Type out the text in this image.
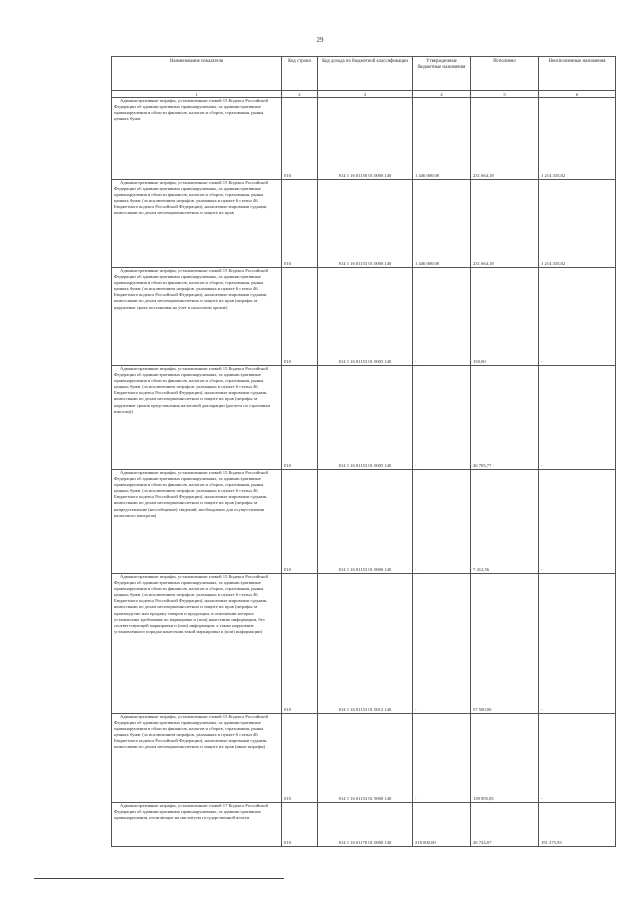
29
Наименование показателя	Код строки	Код дохода по бюджетной классификации	Утвержденные бюджетные назначения	Исполнено	Неисполненные назначения
1	2	3	4	5	6

Административные штрафы, установленные главой 15 Кодекса Российской Федерации об административных правонарушениях, за административные правонарушения в области финансов, налогов и сборов, страхования, рынка ценных бумаг	010	814 1 16 01150 01 0000 140	1 446 000,00	231 664,18	1 214 335,82

Административные штрафы, установленные главой 15 Кодекса Российской Федерации об административных правонарушениях, за административные правонарушения в области финансов, налогов и сборов, страхования, рынка ценных бумаг (за исключением штрафов, указанных в пункте 6 статьи 46 Бюджетного кодекса Российской Федерации), налагаемые мировыми судьями, комиссиями по делам несовершеннолетних и защите их прав	010	814 1 16 01153 01 0000 140	1 446 000,00	231 664,18	1 214 335,82

Административные штрафы, установленные главой 15 Кодекса Российской Федерации об административных правонарушениях, за административные правонарушения в области финансов, налогов и сборов, страхования, рынка ценных бумаг (за исключением штрафов, указанных в пункте 6 статьи 46 Бюджетного кодекса Российской Федерации), налагаемые мировыми судьями, комиссиями по делам несовершеннолетних и защите их прав (штрафы за нарушение срока постановки на учет в налоговом органе)	010	814 1 16 01153 01 0003 140	-	150,00	-

Административные штрафы, установленные главой 15 Кодекса Российской Федерации об административных правонарушениях, за административные правонарушения в области финансов, налогов и сборов, страхования, рынка ценных бумаг (за исключением штрафов, указанных в пункте 6 статьи 46 Бюджетного кодекса Российской Федерации), налагаемые мировыми судьями, комиссиями по делам несовершеннолетних и защите их прав (штрафы за нарушение сроков представления налоговой декларации (расчета по страховым взносам))	010	814 1 16 01153 01 0005 140	-	26 705,77	-

Административные штрафы, установленные главой 15 Кодекса Российской Федерации об административных правонарушениях, за административные правонарушения в области финансов, налогов и сборов, страхования, рынка ценных бумаг (за исключением штрафов, указанных в пункте 6 статьи 46 Бюджетного кодекса Российской Федерации), налагаемые мировыми судьями, комиссиями по делам несовершеннолетних и защите их прав (штрафы за непредставление (несообщение) сведений, необходимых для осуществления налогового контроля)	010	814 1 16 01153 01 0006 140	-	7 412,56	-

Административные штрафы, установленные главой 15 Кодекса Российской Федерации об административных правонарушениях, за административные правонарушения в области финансов, налогов и сборов, страхования, рынка ценных бумаг (за исключением штрафов, указанных в пункте 6 статьи 46 Бюджетного кодекса Российской Федерации), налагаемые мировыми судьями, комиссиями по делам несовершеннолетних и защите их прав (штрафы за производство или продажу товаров и продукции, в отношении которых установлены требования по маркировке и (или) нанесению информации, без соответствующей маркировки и (или) информации, а также нарушение установленного порядка нанесения такой маркировки и (или) информации)	010	814 1 16 01153 01 0012 140	-	57 500,00	-

Административные штрафы, установленные главой 15 Кодекса Российской Федерации об административных правонарушениях, за административные правонарушения в области финансов, налогов и сборов, страхования, рынка ценных бумаг (за исключением штрафов, указанных в пункте 6 статьи 46 Бюджетного кодекса Российской Федерации), налагаемые мировыми судьями, комиссиями по делам несовершеннолетних и защите их прав (иные штрафы)	010	814 1 16 01153 01 9000 140	-	139 895,85	-

Административные штрафы, установленные главой 17 Кодекса Российской Федерации об административных правонарушениях, за административные правонарушения, посягающие на институты государственной власти	010	814 1 16 01170 01 0000 140	218 000,00	26 724,07	191 275,93
